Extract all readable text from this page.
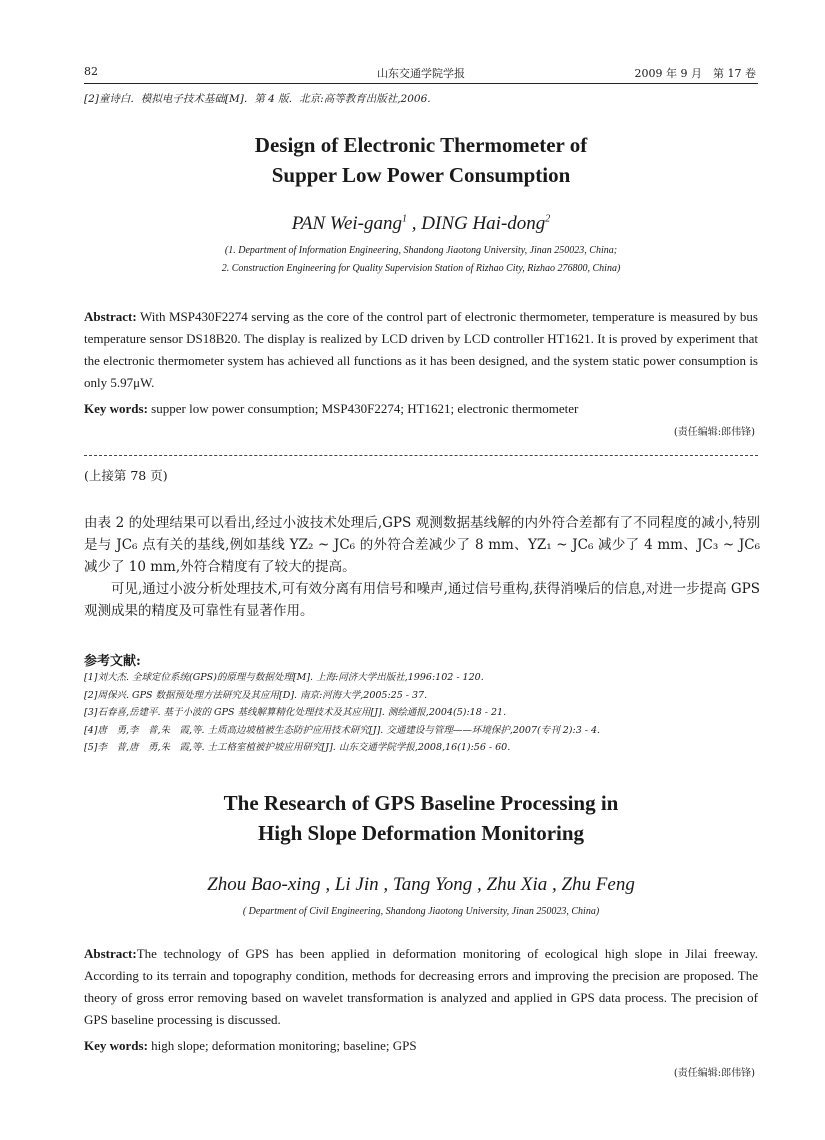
82	山东交通学院学报	2009 年 9 月　第 17 卷
[2]童诗白．模拟电子技术基础[M]．第 4 版．北京:高等教育出版社,2006.
Design of Electronic Thermometer of
Supper Low Power Consumption
PAN Wei-gang$^1$ , DING Hai-dong$^2$
(1. Department of Information Engineering, Shandong Jiaotong University, Jinan 250023, China;
2. Construction Engineering for Quality Supervision Station of Rizhao City, Rizhao 276800, China)
Abstract: With MSP430F2274 serving as the core of the control part of electronic thermometer, temperature is measured by bus temperature sensor DS18B20. The display is realized by LCD driven by LCD controller HT1621. It is proved by experiment that the electronic thermometer system has achieved all functions as it has been designed, and the system static power consumption is only 5.97μW.
Key words: supper low power consumption; MSP430F2274; HT1621; electronic thermometer
(责任编辑:郎伟锋)
(上接第 78 页)

由表 2 的处理结果可以看出,经过小波技术处理后,GPS 观测数据基线解的内外符合差都有了不同程度的减小,特别是与 JC₆ 点有关的基线,例如基线 YZ₂ ~ JC₆ 的外符合差减少了 8 mm、YZ₁ ~ JC₆ 减少了 4 mm、JC₃ ~ JC₆ 减少了 10 mm,外符合精度有了较大的提高。

可见,通过小波分析处理技术,可有效分离有用信号和噪声,通过信号重构,获得消噪后的信息,对进一步提高 GPS 观测成果的精度及可靠性有显著作用。

参考文献:
[1]刘大杰. 全球定位系统(GPS)的原理与数据处理[M]. 上海:同济大学出版社,1996:102 - 120.
[2]周保兴. GPS 数据预处理方法研究及其应用[D]. 南京:河海大学,2005:25 - 37.
[3]石春喜,岳建平. 基于小波的 GPS 基线解算精化处理技术及其应用[J]. 测绘通报,2004(5):18 - 21.
[4]唐　勇,李　普,朱　霞,等. 土质高边坡植被生态防护应用技术研究[J]. 交通建设与管理——环境保护,2007(专刊 2):3 - 4.
[5]李　普,唐　勇,朱　霞,等. 土工格室植被护坡应用研究[J]. 山东交通学院学报,2008,16(1):56 - 60.
The Research of GPS Baseline Processing in
High Slope Deformation Monitoring
Zhou Bao-xing , Li Jin , Tang Yong , Zhu Xia , Zhu Feng
( Department of Civil Engineering, Shandong Jiaotong University, Jinan 250023, China)
Abstract:The technology of GPS has been applied in deformation monitoring of ecological high slope in Jilai freeway. According to its terrain and topography condition, methods for decreasing errors and improving the precision are proposed. The theory of gross error removing based on wavelet transformation is analyzed and applied in GPS data process. The precision of GPS baseline processing is discussed.
Key words: high slope; deformation monitoring; baseline; GPS
(责任编辑:郎伟锋)
